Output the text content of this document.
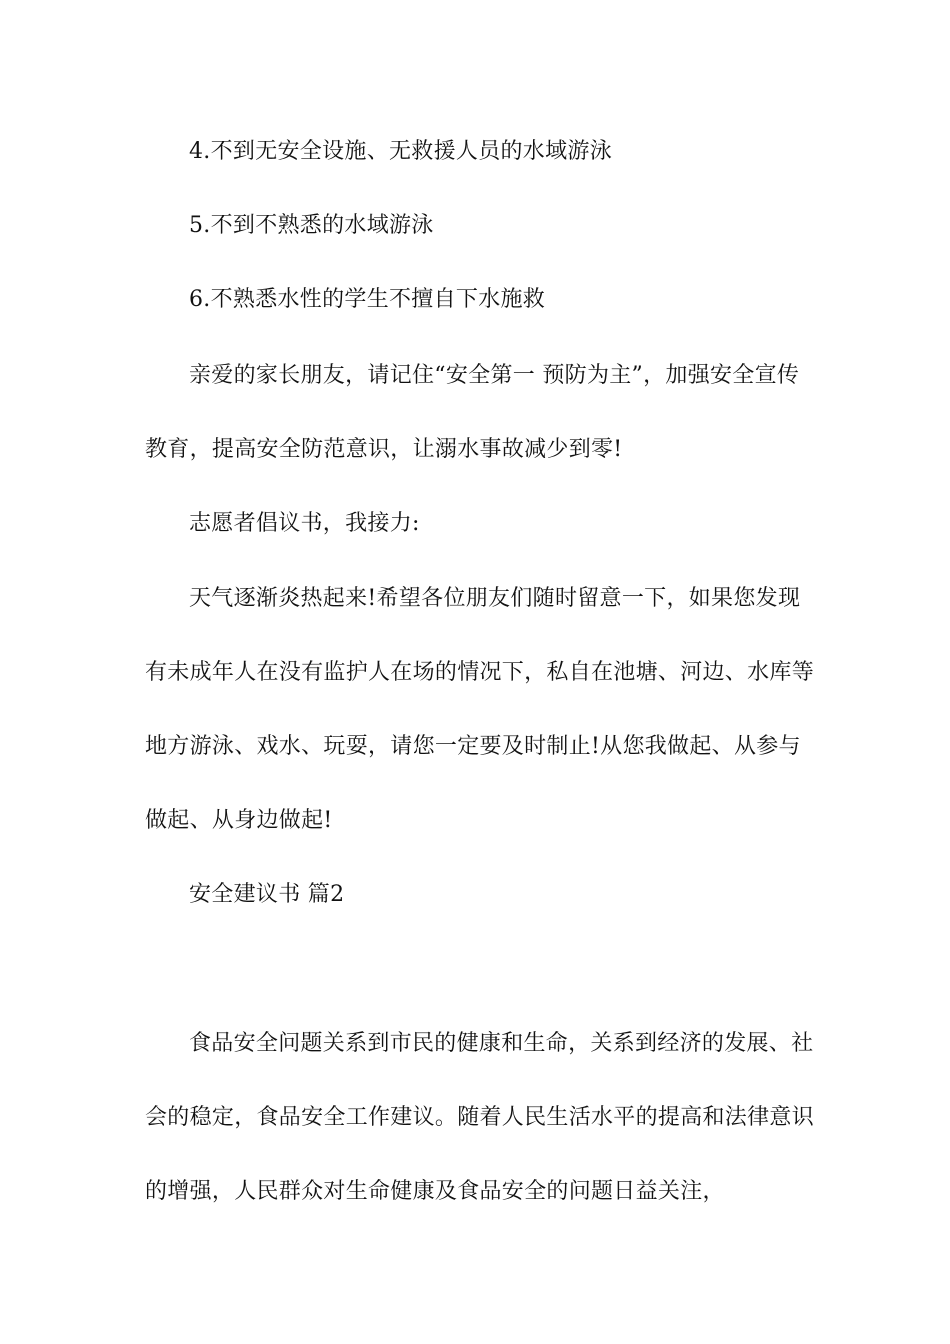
4.不到无安全设施、无救援人员的水域游泳

5.不到不熟悉的水域游泳

6.不熟悉水性的学生不擅自下水施救

亲爱的家长朋友，请记住“安全第一 预防为主”，加强安全宣传教育，提高安全防范意识，让溺水事故减少到零!

志愿者倡议书，我接力:

天气逐渐炎热起来!希望各位朋友们随时留意一下，如果您发现有未成年人在没有监护人在场的情况下，私自在池塘、河边、水库等地方游泳、戏水、玩耍，请您一定要及时制止!从您我做起、从参与做起、从身边做起!

安全建议书 篇2

食品安全问题关系到市民的健康和生命，关系到经济的发展、社会的稳定，食品安全工作建议。随着人民生活水平的提高和法律意识的增强，人民群众对生命健康及食品安全的问题日益关注，
